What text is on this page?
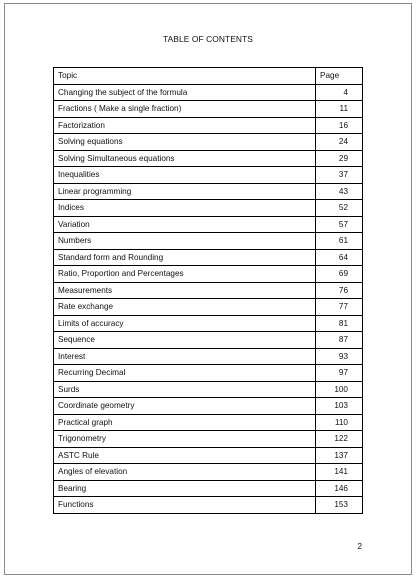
TABLE OF CONTENTS
Topic	Page
Changing the subject of the formula	4
Fractions ( Make a single fraction)	11
Factorization	16
Solving equations	24
Solving Simultaneous equations	29
Inequalities	37
Linear programming	43
Indices	52
Variation	57
Numbers	61
Standard form and Rounding	64
Ratio, Proportion and Percentages	69
Measurements	76
Rate exchange	77
Limits of accuracy	81
Sequence	87
Interest	93
Recurring Decimal	97
Surds	100
Coordinate geometry	103
Practical graph	110
Trigonometry	122
ASTC Rule	137
Angles of elevation	141
Bearing	146
Functions	153
2
